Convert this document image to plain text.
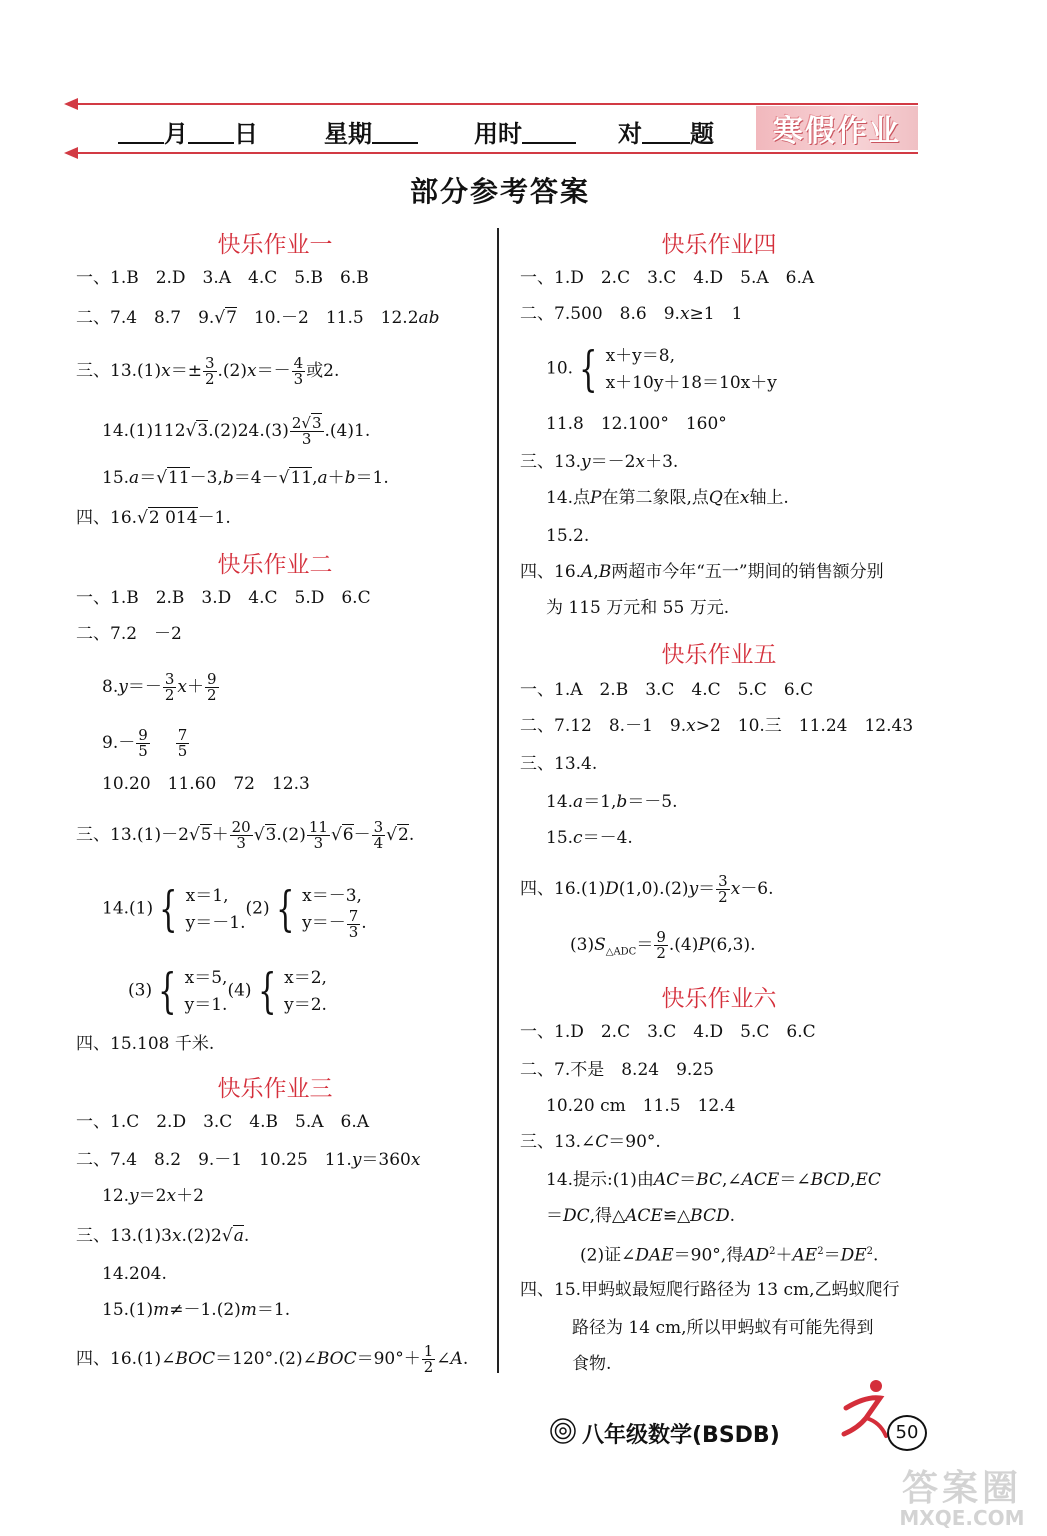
月 日	星期	用时	对 题	寒假作业
部分参考答案
快乐作业一
一、1.B　2.D　3.A　4.C　5.B　6.B
二、7.4　8.7　9.√7　10.－2　11.5　12.2ab
三、$13.(1)x=\pm \frac{3}{2} .(2)x=- \frac{4}{3}$ 或2.
$14.(1)112√3.(2)24.(3) \frac{2√3}{3} .(4)1$.
15.a＝√11－3,b＝4－√11,a＋b＝1.
四、16.√2 014－1.
快乐作业二
一、1.B　2.B　3.D　4.C　5.D　6.C
二、7.2　－2
$8.y=- \frac{3}{2} x+ \frac{9}{2}$
$9.- \frac{9}{5} \frac{7}{5}$
10.20　11.60　72　12.3
三、$13.(1)-2√5+ \frac{20}{3} √3.(2) \frac{11}{3} √6- \frac{3}{4} √2$.
14.(1) { x＝1,
y＝－1.
(2) { x＝－3,
$y=- \frac{7}{3}$ .
(3) { x＝5,
y＝1.
(4) { x＝2,
y＝2.
四、15.108 千米.
快乐作业三
一、1.C　2.D　3.C　4.B　5.A　6.A
二、7.4　8.2　9.－1　10.25　11.y＝360x
12.y＝2x＋2
三、13.(1)3x.(2)2√a.
14.204.
15.(1)m≠－1.(2)m＝1.
四、16.(1)∠BOC＝120°.(2)∠BOC＝90°＋ $\frac{1}{2}$ ∠A.
快乐作业四
一、1.D　2.C　3.C　4.D　5.A　6.A
二、7.500　8.6　9.x≥1　1
10. { x＋y＝8,
x＋10y＋18＝10x＋y
11.8　12.100°　160°
三、13.y＝－2x＋3.
14.点P在第二象限,点Q在x轴上.
15.2.
四、16.A,B两超市今年“五一”期间的销售额分别
为 115 万元和 55 万元.
快乐作业五
一、1.A　2.B　3.C　4.C　5.C　6.C
二、7.12　8.－1　9.x>2　10.三　11.24　12.43
三、13.4.
14.a＝1,b＝－5.
15.c＝－4.
四、$16.(1)D(1,0).(2)y= \frac{3}{2} x-6$.
$(3)S_{\triangle ADC}= \frac{9}{2} .(4)P(6,3)$.
快乐作业六
一、1.D　2.C　3.C　4.D　5.C　6.C
二、7.不是　8.24　9.25
10.20 cm　11.5　12.4
三、13.∠C＝90°.
14.提示:(1)由AC＝BC,∠ACE＝∠BCD,EC
＝DC,得△ACE≌△BCD.
(2)证∠DAE＝90°,得$AD^2+AE^2=DE^2$.
四、15.甲蚂蚁最短爬行路径为 13 cm,乙蚂蚁爬行
路径为 14 cm,所以甲蚂蚁有可能先得到
食物.
八年级数学(BSDB)	50
答案圈
MXQE.COM
